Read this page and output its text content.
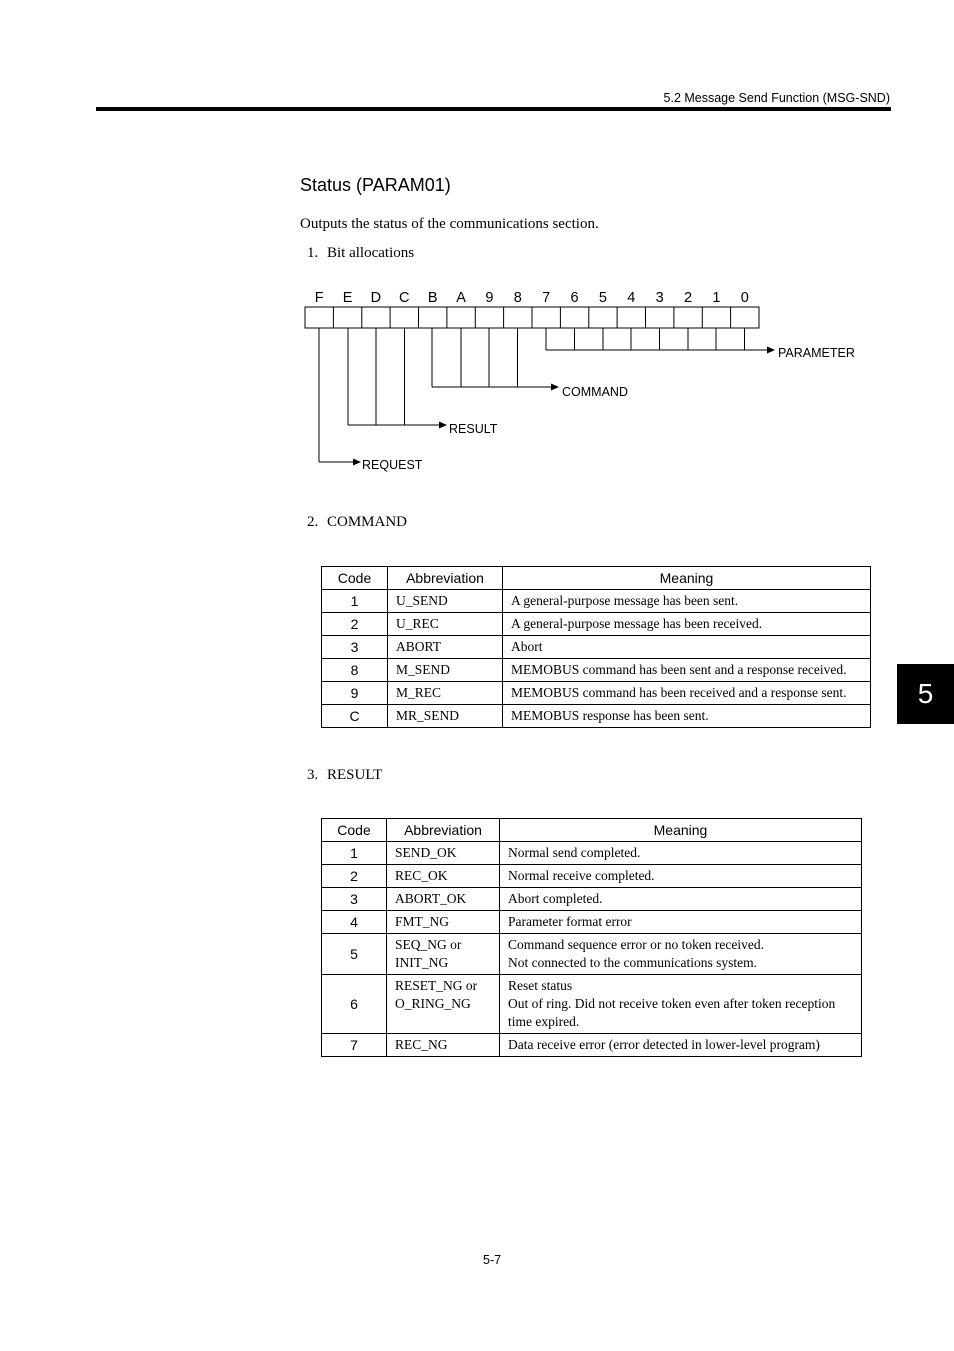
5.2 Message Send Function (MSG-SND)
5
Status (PARAM01)
Outputs the status of the communications section.
1. Bit allocations
F E D C B A 9 8 7 6 5 4 3 2 1 0
PARAMETER
COMMAND
RESULT
REQUEST
2. COMMAND
Code	Abbreviation	Meaning
1	U_SEND	A general-purpose message has been sent.
2	U_REC	A general-purpose message has been received.
3	ABORT	Abort
8	M_SEND	MEMOBUS command has been sent and a response received.
9	M_REC	MEMOBUS command has been received and a response sent.
C	MR_SEND	MEMOBUS response has been sent.
3. RESULT
Code	Abbreviation	Meaning
1	SEND_OK	Normal send completed.
2	REC_OK	Normal receive completed.
3	ABORT_OK	Abort completed.
4	FMT_NG	Parameter format error
5	SEQ_NG or INIT_NG	Command sequence error or no token received.
Not connected to the communications system.

6	RESET_NG or O_RING_NG	Reset status
Out of ring. Did not receive token even after token reception time expired.

7	REC_NG	Data receive error (error detected in lower-level program)
5-7
